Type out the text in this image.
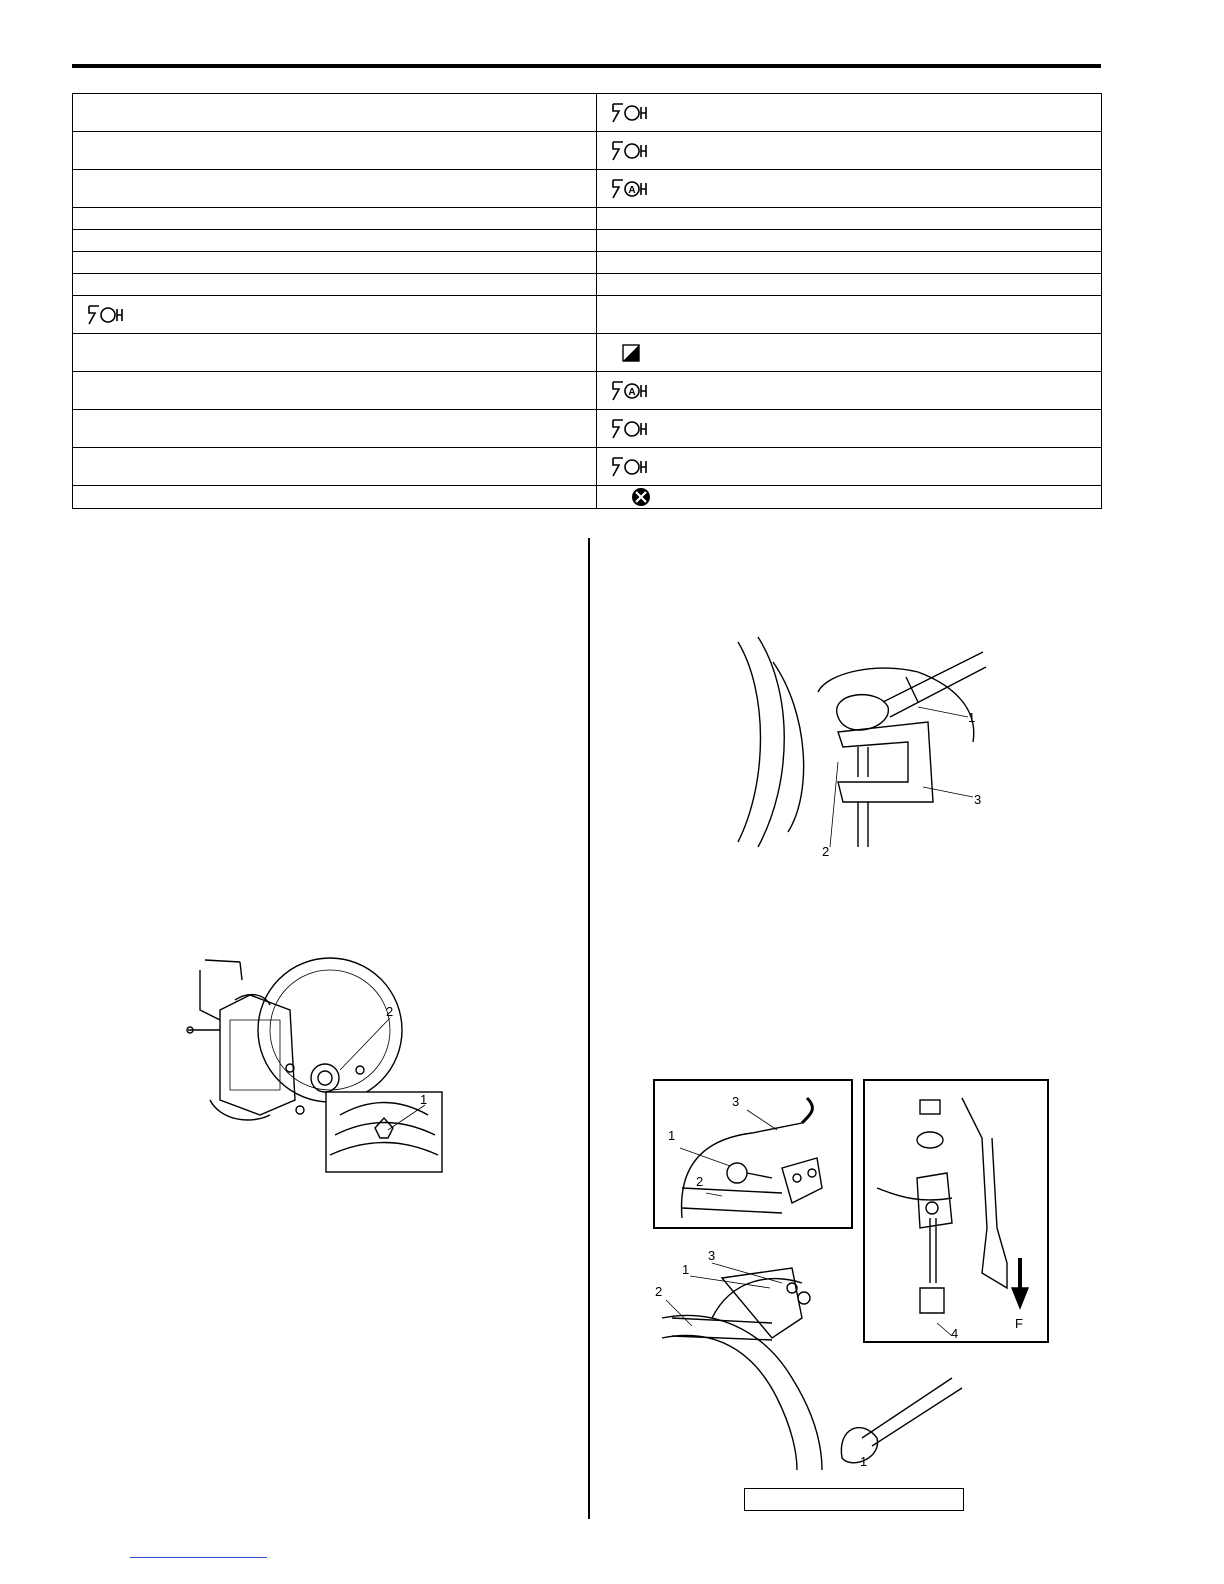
A

A

2
1
1
3
2
3
1
2
4
F
3
1
2
1
